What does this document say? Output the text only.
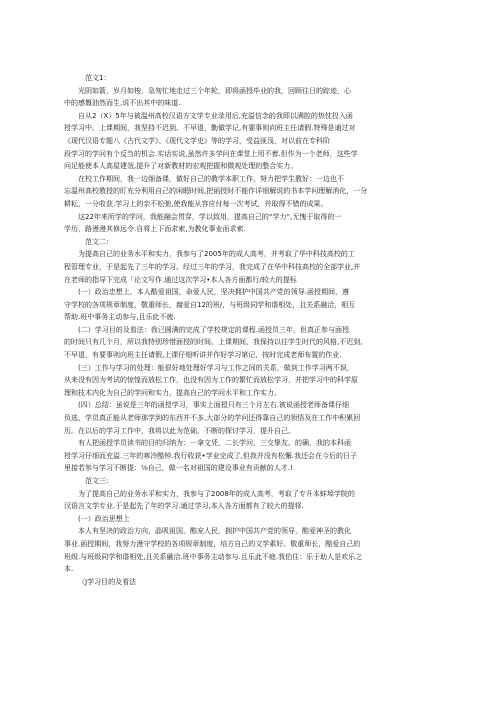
范文1：

光阴如箭，岁月如梭，急匆忙地走过三个年轮，即将函授毕业的我，回顾往日的踪迹，心

中的感慨油然而生,说不出其中的味道.

自从2（X）5年与被温州高校汉语方文学专业录用后,充溢信念的我即以满腔的热忱投入函

授学习中。上课期间，我坚持不迟到、不早退，勤做学记,有要事则向班主任请假.特殊是通过对

《现代汉语专题八《古代文学》、《现代文学史》等的学习，受益匪浅，对以前在专科阶

段学习的学问有个反刍的机会.实话实说,虽然许多学问在课堂上用不着.但作为一个老师，这些学

问足能使本人高屋建瓴,提升了对新教材的宏观把握和微观处理的整合实力。

在校工作期间，我一边细备课，做好自己的教学本职工作，努力把学生教好：一边也不

忘温州高校教授的盯充分利用自己的闲暇时间,把函授时不能作详细解说的书本学问理解消化，一分

耕耘，一分收获.学习上的亲不松弛,使我能从容应付每一次考试，并取得不错的成果。

这22年来所学的学问，我能融会贯穿，学以致用，提高自己的“学力”,无愧于取得的一

学历，路漫漫其修远令.自将上下而求索,为教化事业而求索.

范文二：

为提高自己的业务水平和实力，我参与了2005年的成人高考，并考取了华中科技高校的工

程管理专业，于是起先了三年的学习。经过三年的学习，我完成了在华中科技高校的全部学业,并

在老师的指导下完成「论文写作.通过这次学习•本人各方面都行/较大的提标

(一）政治忠想上，本人酷爱祖国，命爱人民，坚决拥护中国共产党的领导.函授期间，遵

守学校的各项规章制度，敬重师长，腐爱自12的班/，与班级同学和谐相处，且关系融洽，相互

帮助.班中事务主动参与,且乐此不疲.

(二）学习目的及看法：我已圆满的完成了学校规定的课程.函授员三年，但真正参与面授

的时间只有几个月，所以我特别珍惜面授的时间。上课期间，我保持以往学生时代的风格,不迟到,

不早退，有要事则向班主任请假,上课仔细听讲并作好学习第记，按时完成老师布置的作业.

(三）工作与学习的处理：能很好地处理好学习与工作之间的关系，做到工作学习两不误，

从来没有因为考试的惊惶而放松工作，也没有因为工作的繁忙而放松学习，并把学习中的科学原

理和技术内化为自己的学问和实力，提高自己的学问水平和工作实力。

(四）总结：虽说是三年的函授学习，事实上面授只有三个月左右.被说函授老师备课仔细

负选，学员真正能从老师那学到的东西并不多,大部分的学问还得靠自己的领悟及在工作中积累回

历。在以后的学习工作中，我将以此为范础，不断的探讨学习，提升自己。

有人把函授学员读书的目的归纳为：一拿文凭，二长学问，三交挚友。的确，我的本科函

授学习仔细而充溢.三年的寒冷酷钟.我行收获•学业完成了,但我并没有松懈.我还会在今后的日子

里接若参与学习不断提：⅛自己，做一名对祖国的建设事业有贡献的人才.!

范文三:

为了提高自己的业务水平和实力，我参与了2008年的成人高考，考取了专升本蚌埠学院的

汉语言文学专业.于是起先了年的学习.通过学习,本人各方面都有了较大的提将.

(一）政治思想上

本人有坚决的政治方向，晶吸祖国，酷宠人民，拥护中国共产党的领导，酷爱神圣的教化

事业.函授期间，我努力漫守学校的各项规章制度，培方自己的文学素好。敬重师长，酷爱自己的

班级.与班级同学和谐相处,且关系融洽.班中事务主动参与.且乐此不疲.我伯住：乐于助人是欢乐之

本.

（J学习目的及看法
